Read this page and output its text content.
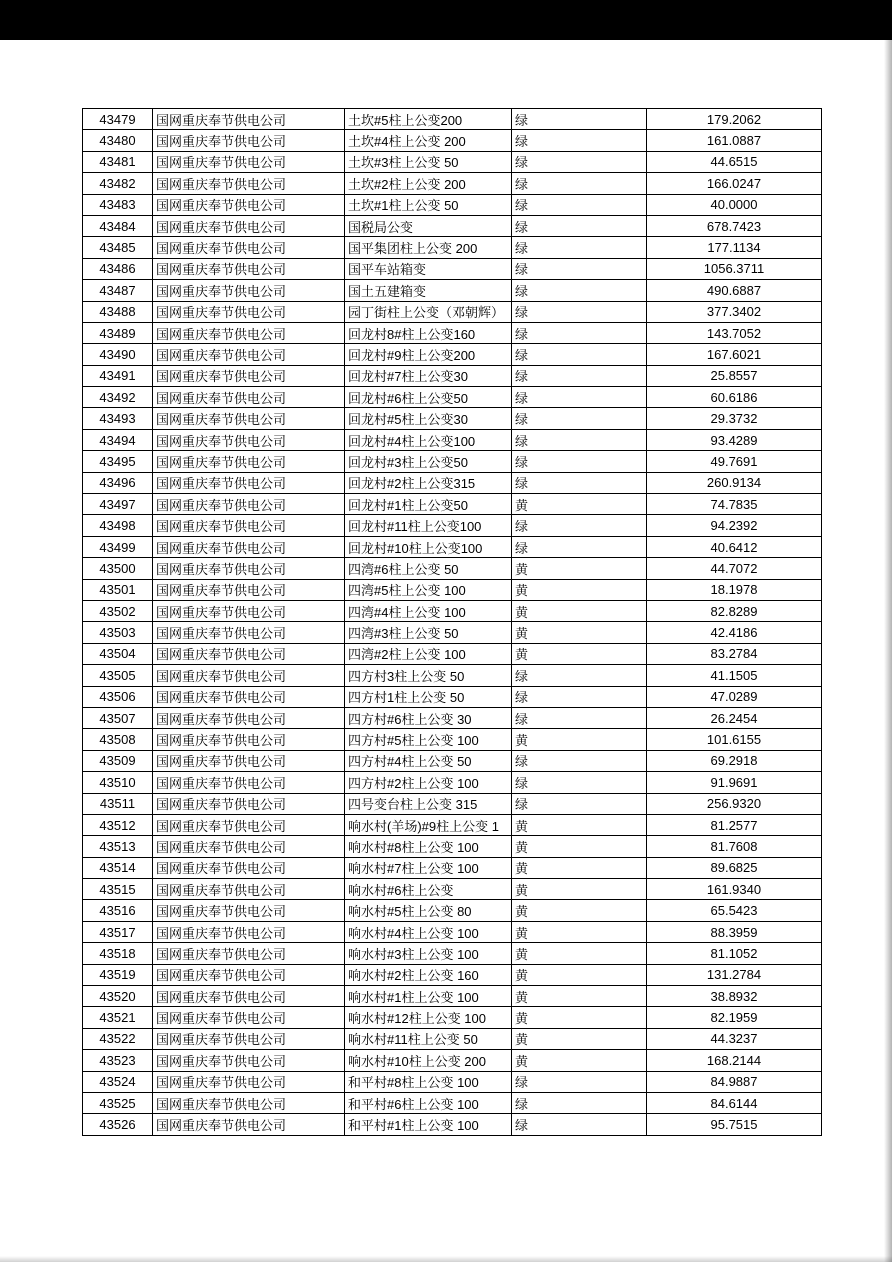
43479	国网重庆奉节供电公司	土坎#5柱上公变200	绿	179.2062
43480	国网重庆奉节供电公司	土坎#4柱上公变 200	绿	161.0887
43481	国网重庆奉节供电公司	土坎#3柱上公变 50	绿	44.6515
43482	国网重庆奉节供电公司	土坎#2柱上公变 200	绿	166.0247
43483	国网重庆奉节供电公司	土坎#1柱上公变 50	绿	40.0000
43484	国网重庆奉节供电公司	国税局公变	绿	678.7423
43485	国网重庆奉节供电公司	国平集团柱上公变 200	绿	177.1134
43486	国网重庆奉节供电公司	国平车站箱变	绿	1056.3711
43487	国网重庆奉节供电公司	国土五建箱变	绿	490.6887
43488	国网重庆奉节供电公司	园丁街柱上公变（邓朝辉）	绿	377.3402
43489	国网重庆奉节供电公司	回龙村8#柱上公变160	绿	143.7052
43490	国网重庆奉节供电公司	回龙村#9柱上公变200	绿	167.6021
43491	国网重庆奉节供电公司	回龙村#7柱上公变30	绿	25.8557
43492	国网重庆奉节供电公司	回龙村#6柱上公变50	绿	60.6186
43493	国网重庆奉节供电公司	回龙村#5柱上公变30	绿	29.3732
43494	国网重庆奉节供电公司	回龙村#4柱上公变100	绿	93.4289
43495	国网重庆奉节供电公司	回龙村#3柱上公变50	绿	49.7691
43496	国网重庆奉节供电公司	回龙村#2柱上公变315	绿	260.9134
43497	国网重庆奉节供电公司	回龙村#1柱上公变50	黄	74.7835
43498	国网重庆奉节供电公司	回龙村#11柱上公变100	绿	94.2392
43499	国网重庆奉节供电公司	回龙村#10柱上公变100	绿	40.6412
43500	国网重庆奉节供电公司	四湾#6柱上公变 50	黄	44.7072
43501	国网重庆奉节供电公司	四湾#5柱上公变 100	黄	18.1978
43502	国网重庆奉节供电公司	四湾#4柱上公变 100	黄	82.8289
43503	国网重庆奉节供电公司	四湾#3柱上公变 50	黄	42.4186
43504	国网重庆奉节供电公司	四湾#2柱上公变 100	黄	83.2784
43505	国网重庆奉节供电公司	四方村3柱上公变 50	绿	41.1505
43506	国网重庆奉节供电公司	四方村1柱上公变 50	绿	47.0289
43507	国网重庆奉节供电公司	四方村#6柱上公变 30	绿	26.2454
43508	国网重庆奉节供电公司	四方村#5柱上公变 100	黄	101.6155
43509	国网重庆奉节供电公司	四方村#4柱上公变 50	绿	69.2918
43510	国网重庆奉节供电公司	四方村#2柱上公变 100	绿	91.9691
43511	国网重庆奉节供电公司	四号变台柱上公变 315	绿	256.9320
43512	国网重庆奉节供电公司	响水村(羊场)#9柱上公变 1	黄	81.2577
43513	国网重庆奉节供电公司	响水村#8柱上公变 100	黄	81.7608
43514	国网重庆奉节供电公司	响水村#7柱上公变 100	黄	89.6825
43515	国网重庆奉节供电公司	响水村#6柱上公变	黄	161.9340
43516	国网重庆奉节供电公司	响水村#5柱上公变 80	黄	65.5423
43517	国网重庆奉节供电公司	响水村#4柱上公变 100	黄	88.3959
43518	国网重庆奉节供电公司	响水村#3柱上公变 100	黄	81.1052
43519	国网重庆奉节供电公司	响水村#2柱上公变 160	黄	131.2784
43520	国网重庆奉节供电公司	响水村#1柱上公变 100	黄	38.8932
43521	国网重庆奉节供电公司	响水村#12柱上公变 100	黄	82.1959
43522	国网重庆奉节供电公司	响水村#11柱上公变 50	黄	44.3237
43523	国网重庆奉节供电公司	响水村#10柱上公变 200	黄	168.2144
43524	国网重庆奉节供电公司	和平村#8柱上公变 100	绿	84.9887
43525	国网重庆奉节供电公司	和平村#6柱上公变 100	绿	84.6144
43526	国网重庆奉节供电公司	和平村#1柱上公变 100	绿	95.7515
